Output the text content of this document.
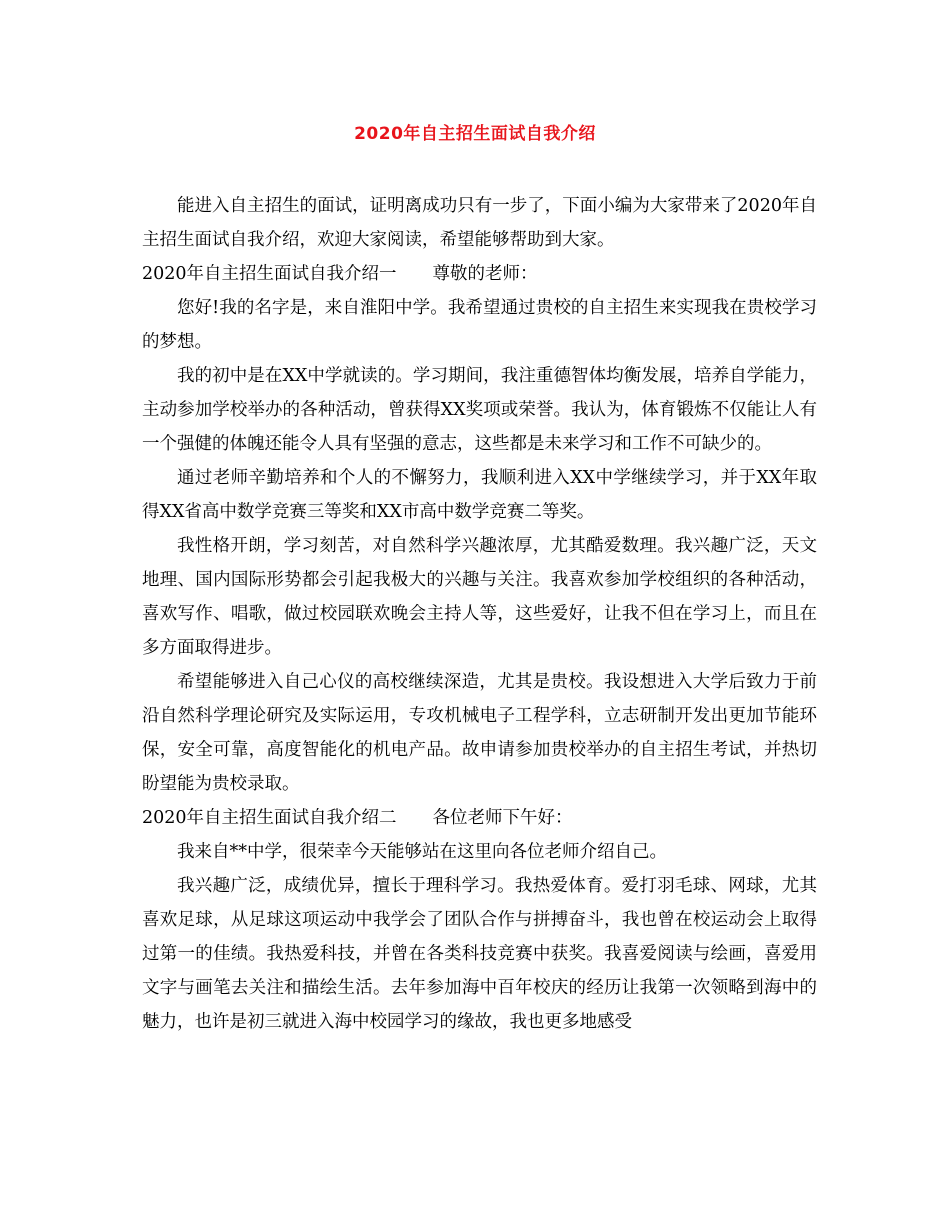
2020年自主招生面试自我介绍

能进入自主招生的面试，证明离成功只有一步了，下面小编为大家带来了2020年自主招生面试自我介绍，欢迎大家阅读，希望能够帮助到大家。

2020年自主招生面试自我介绍一 尊敬的老师：

您好!我的名字是，来自淮阳中学。我希望通过贵校的自主招生来实现我在贵校学习的梦想。

我的初中是在XX中学就读的。学习期间，我注重德智体均衡发展，培养自学能力，主动参加学校举办的各种活动，曾获得XX奖项或荣誉。我认为，体育锻炼不仅能让人有一个强健的体魄还能令人具有坚强的意志，这些都是未来学习和工作不可缺少的。

通过老师辛勤培养和个人的不懈努力，我顺利进入XX中学继续学习，并于XX年取得XX省高中数学竞赛三等奖和XX市高中数学竞赛二等奖。

我性格开朗，学习刻苦，对自然科学兴趣浓厚，尤其酷爱数理。我兴趣广泛，天文地理、国内国际形势都会引起我极大的兴趣与关注。我喜欢参加学校组织的各种活动，喜欢写作、唱歌，做过校园联欢晚会主持人等，这些爱好，让我不但在学习上，而且在多方面取得进步。

希望能够进入自己心仪的高校继续深造，尤其是贵校。我设想进入大学后致力于前沿自然科学理论研究及实际运用，专攻机械电子工程学科，立志研制开发出更加节能环保，安全可靠，高度智能化的机电产品。故申请参加贵校举办的自主招生考试，并热切盼望能为贵校录取。

2020年自主招生面试自我介绍二 各位老师下午好：

我来自**中学，很荣幸今天能够站在这里向各位老师介绍自己。

我兴趣广泛，成绩优异，擅长于理科学习。我热爱体育。爱打羽毛球、网球，尤其喜欢足球，从足球这项运动中我学会了团队合作与拼搏奋斗，我也曾在校运动会上取得过第一的佳绩。我热爱科技，并曾在各类科技竞赛中获奖。我喜爱阅读与绘画，喜爱用文字与画笔去关注和描绘生活。去年参加海中百年校庆的经历让我第一次领略到海中的魅力，也许是初三就进入海中校园学习的缘故，我也更多地感受
